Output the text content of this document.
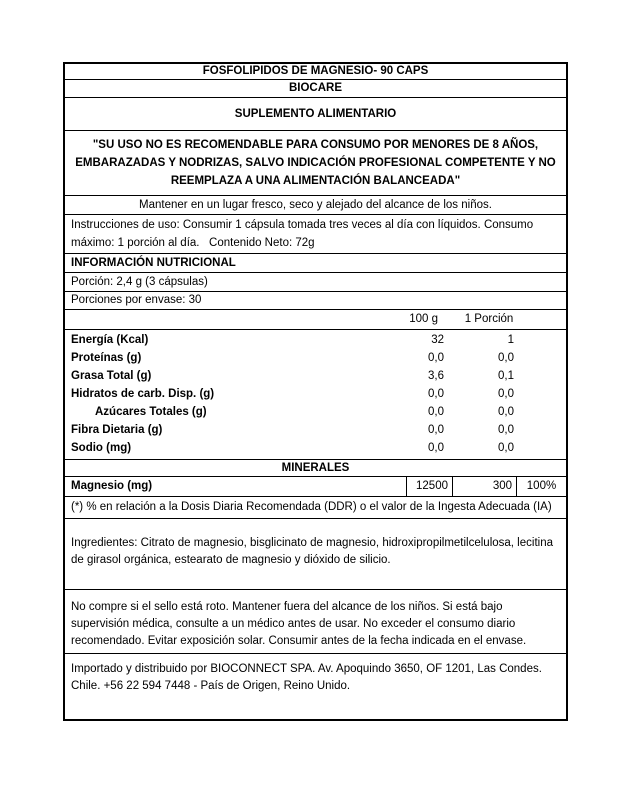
FOSFOLIPIDOS DE MAGNESIO- 90 CAPS
BIOCARE
SUPLEMENTO ALIMENTARIO
"SU USO NO ES RECOMENDABLE PARA CONSUMO POR MENORES DE 8 AÑOS, EMBARAZADAS Y NODRIZAS, SALVO INDICACIÓN PROFESIONAL COMPETENTE Y NO REEMPLAZA A UNA ALIMENTACIÓN BALANCEADA"
Mantener en un lugar fresco, seco y alejado del alcance de los niños.
Instrucciones de uso: Consumir 1 cápsula tomada tres veces al día con líquidos. Consumo máximo: 1 porción al día.   Contenido Neto: 72g
INFORMACIÓN NUTRICIONAL
Porción: 2,4 g (3 cápsulas)
Porciones por envase: 30
100 g	1 Porción
Energía (Kcal)	32	1
Proteínas (g)	0,0	0,0
Grasa Total (g)	3,6	0,1
Hidratos de carb. Disp. (g)	0,0	0,0
Azúcares Totales (g)	0,0	0,0
Fibra Dietaria (g)	0,0	0,0
Sodio (mg)	0,0	0,0
MINERALES
Magnesio (mg)	12500	300	100%
(*) % en relación a la Dosis Diaria Recomendada (DDR) o el valor de la Ingesta Adecuada (IA)
Ingredientes: Citrato de magnesio, bisglicinato de magnesio, hidroxipropilmetilcelulosa, lecitina de girasol orgánica, estearato de magnesio y dióxido de silicio.
No compre si el sello está roto. Mantener fuera del alcance de los niños. Si está bajo supervisión médica, consulte a un médico antes de usar. No exceder el consumo diario recomendado. Evitar exposición solar. Consumir antes de la fecha indicada en el envase.
Importado y distribuido por BIOCONNECT SPA. Av. Apoquindo 3650, OF 1201, Las Condes. Chile. +56 22 594 7448 - País de Origen, Reino Unido.
